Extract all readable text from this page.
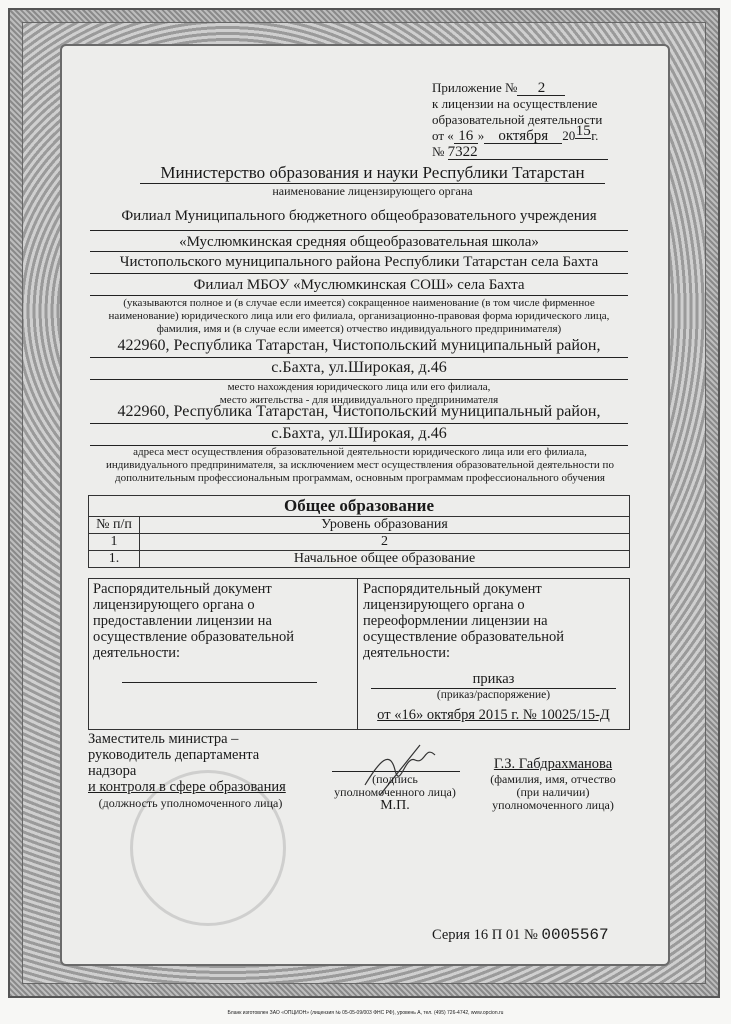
Приложение № 2
к лицензии на осуществление
образовательной деятельности
от « 16 » октября 2015г.
№ 7322
Министерство образования и науки Республики Татарстан
наименование лицензирующего органа
Филиал Муниципального бюджетного общеобразовательного учреждения
«Муслюмкинская средняя общеобразовательная школа»
Чистопольского муниципального района Республики Татарстан села Бахта
Филиал МБОУ «Муслюмкинская СОШ» села Бахта
(указываются полное и (в случае если имеется) сокращенное наименование (в том числе фирменное наименование) юридического лица или его филиала, организационно-правовая форма юридического лица, фамилия, имя и (в случае если имеется) отчество индивидуального предпринимателя)
422960, Республика Татарстан, Чистопольский муниципальный район,
с.Бахта, ул.Широкая, д.46
место нахождения юридического лица или его филиала,
место жительства - для индивидуального предпринимателя
422960, Республика Татарстан, Чистопольский муниципальный район,
с.Бахта, ул.Широкая, д.46
адреса мест осуществления образовательной деятельности юридического лица или его филиала, индивидуального предпринимателя, за исключением мест осуществления образовательной деятельности по дополнительным профессиональным программам, основным программам профессионального обучения
Общее образование	
№ п/п	Уровень образования
1	2
1.	Начальное общее образование
Распорядительный документ лицензирующего органа о предоставлении лицензии на осуществление образовательной деятельности:
Распорядительный документ лицензирующего органа о переоформлении лицензии на осуществление образовательной деятельности:
приказ
(приказ/распоряжение)
от «16» октября 2015 г. № 10025/15-Д
Заместитель министра –
руководитель департамента надзора
и контроля в сфере образования
(должность уполномоченного лица)
(подпись
уполномоченного лица)
М.П.
Г.З. Габдрахманова
(фамилия, имя, отчество
(при наличии)
уполномоченного лица)
Серия 16 П 01 № 0005567
Бланк изготовлен ЗАО «ОПЦИОН» (лицензия № 05-05-09/003 ФНС РФ), уровень А, тел. (495) 726-4742, www.opcion.ru
